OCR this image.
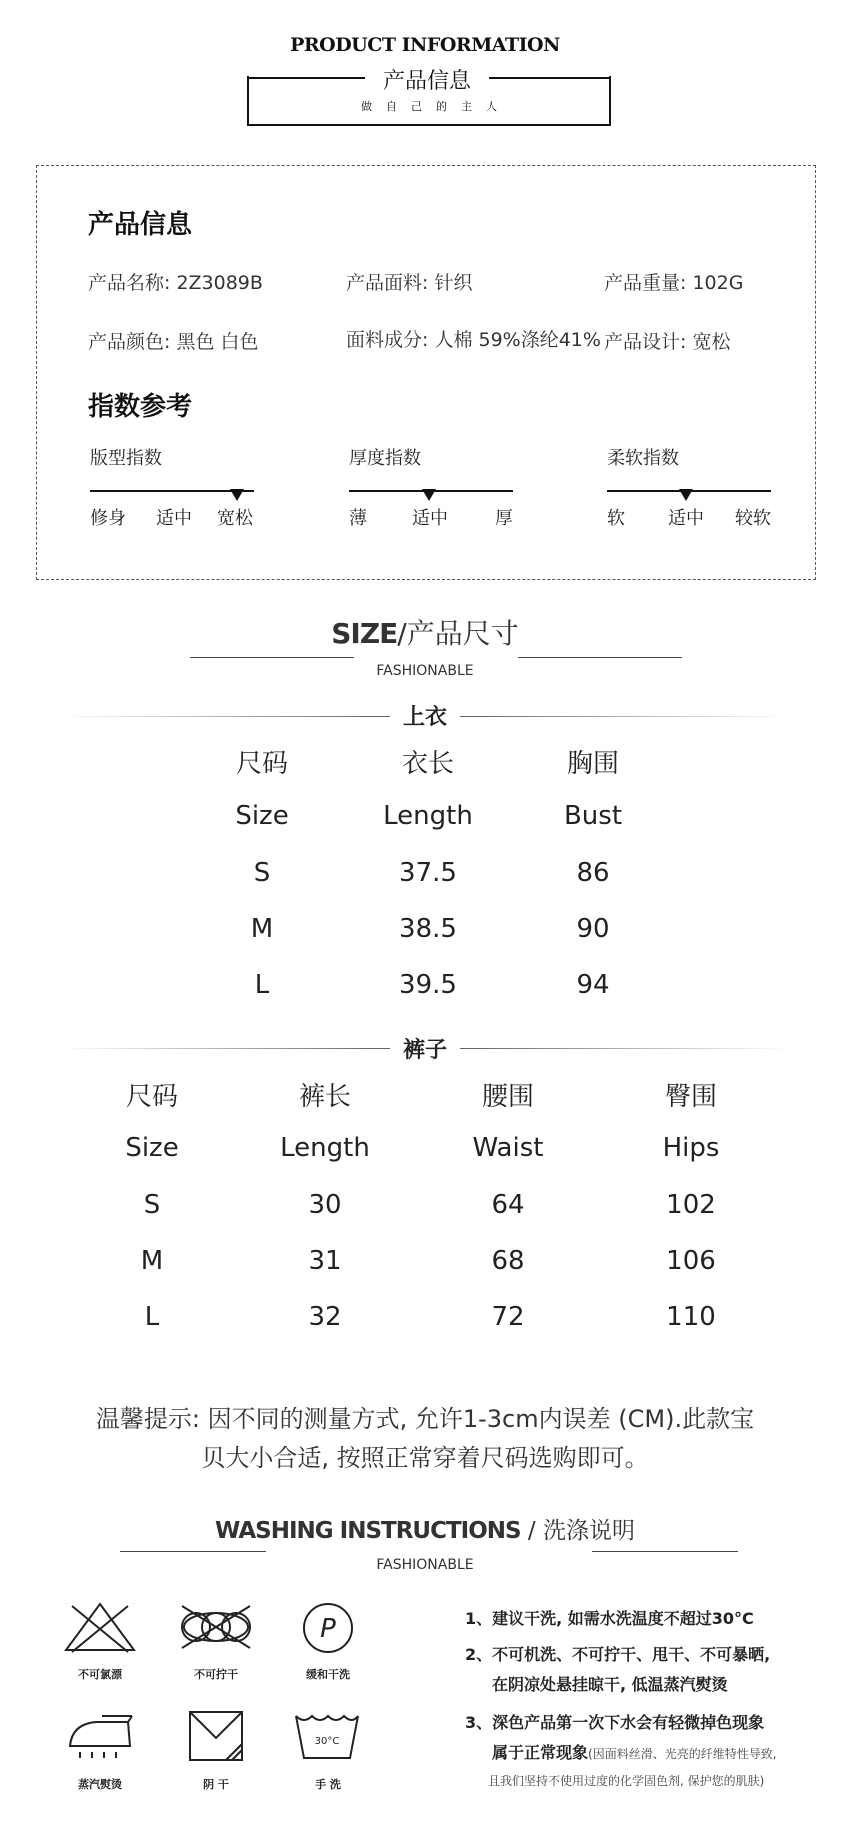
PRODUCT INFORMATION
产品信息
做自己的主人
产品信息
产品名称: 2Z3089B	产品面料: 针织	产品重量: 102G
产品颜色: 黑色 白色	面料成分: 人棉 59%涤纶41% 产品设计: 宽松
指数参考
版型指数
修身 适中 宽松
厚度指数
薄	适中	厚
柔软指数
软 适中 较软
SIZE/产品尺寸
FASHIONABLE
上衣
尺码	衣长	胸围
Size	Length	Bust
S	37.5	86
M	38.5	90
L	39.5	94
裤子
尺码	裤长	腰围	臀围
Size	Length	Waist	Hips
S	30	64	102
M	31	68	106
L	32	72	110
温馨提示: 因不同的测量方式, 允许1-3cm内误差 (CM).此款宝
贝大小合适, 按照正常穿着尺码选购即可。
WASHING INSTRUCTIONS / 洗涤说明
FASHIONABLE
不可氯漂	不可拧干
P
缓和干洗
蒸汽熨烫	阴 干
30°C
手 洗
1、建议干洗, 如需水洗温度不超过30°C
2、不可机洗、不可拧干、甩干、不可暴晒,
在阴凉处悬挂晾干, 低温蒸汽熨烫
3、深色产品第一次下水会有轻微掉色现象
属于正常现象(因面料丝滑、光亮的纤维特性导致,
且我们坚持不使用过度的化学固色剂, 保护您的肌肤)
